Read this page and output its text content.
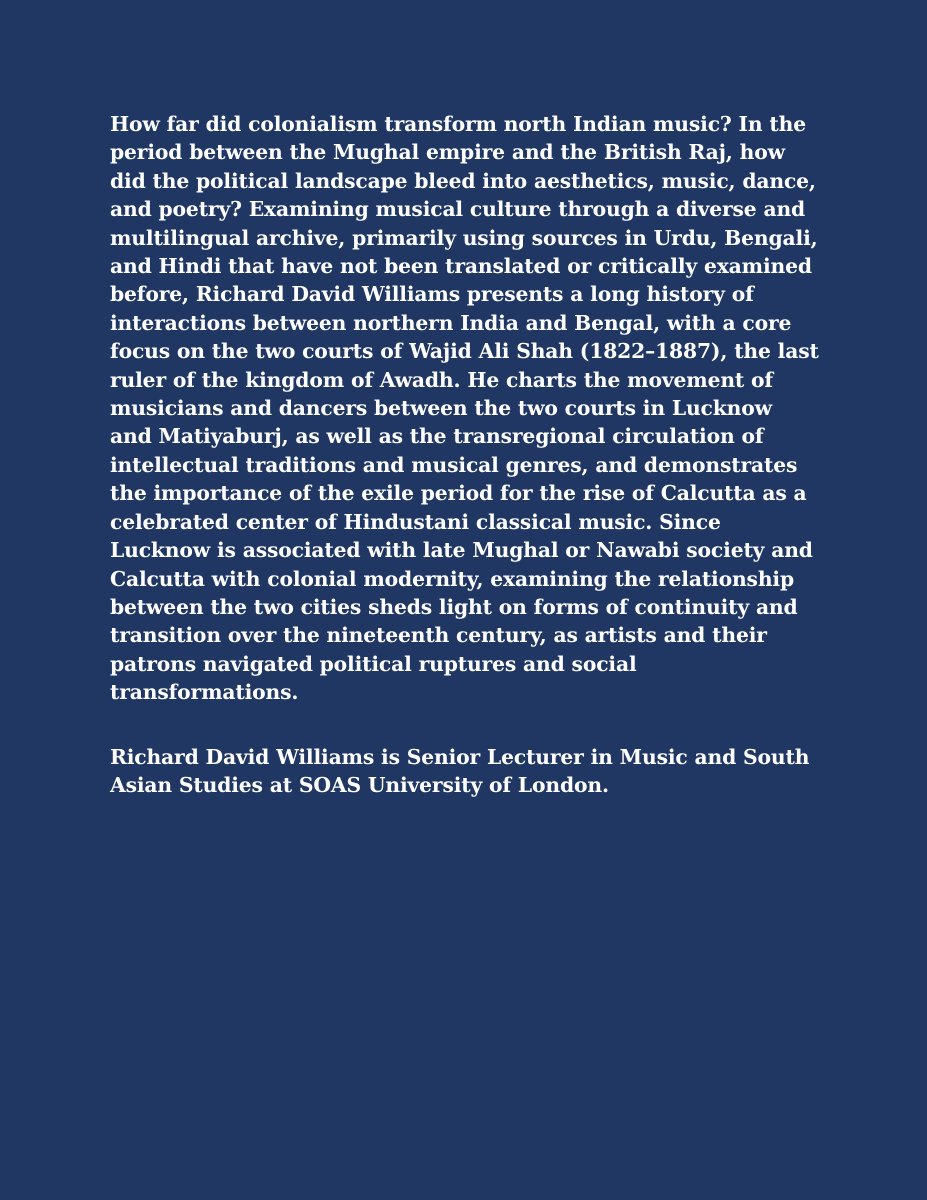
How far did colonialism transform north Indian music? In the period between the Mughal empire and the British Raj, how did the political landscape bleed into aesthetics, music, dance, and poetry? Examining musical culture through a diverse and multilingual archive, primarily using sources in Urdu, Bengali, and Hindi that have not been translated or critically examined before, Richard David Williams presents a long history of interactions between northern India and Bengal, with a core focus on the two courts of Wajid Ali Shah (1822–1887), the last ruler of the kingdom of Awadh. He charts the movement of musicians and dancers between the two courts in Lucknow and Matiyaburj, as well as the transregional circulation of intellectual traditions and musical genres, and demonstrates the importance of the exile period for the rise of Calcutta as a celebrated center of Hindustani classical music. Since Lucknow is associated with late Mughal or Nawabi society and Calcutta with colonial modernity, examining the relationship between the two cities sheds light on forms of continuity and transition over the nineteenth century, as artists and their patrons navigated political ruptures and social transformations.

Richard David Williams is Senior Lecturer in Music and South Asian Studies at SOAS University of London.
